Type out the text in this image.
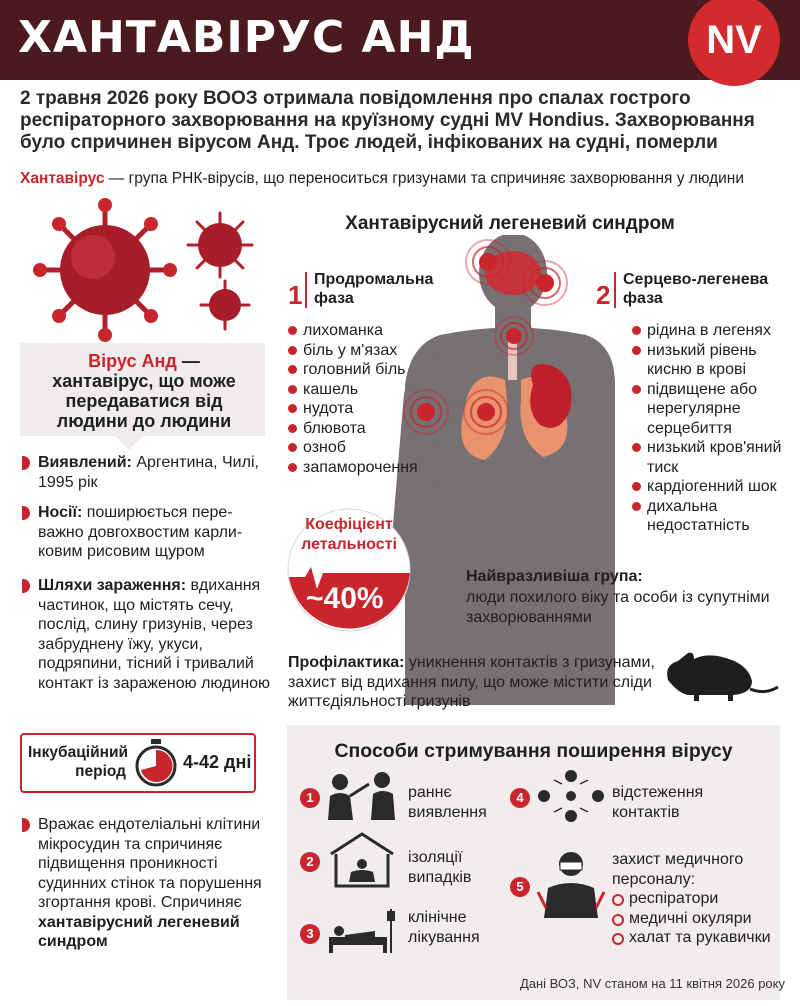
ХАНТАВІРУС АНД	NV
2 травня 2026 року ВООЗ отримала повідомлення про спалах гострого респіраторного захворювання на круїзному судні MV Hondius. Захворювання було спричинен вірусом Анд. Троє людей, інфікованих на судні, померли
Хантавірус — група РНК-вірусів, що переноситься гризунами та спричиняє захворювання у людини
Вірус Анд — хантавірус, що може передаватися від людини до людини
Виявлений: Аргентина, Чилі, 1995 рік
Носії: поширюється пере-важно довгохвостим карли-ковим рисовим щуром
Шляхи зараження: вдихання частинок, що містять сечу, послід, слину гризунів, через забруднену їжу, укуси, подряпини, тісний і тривалий контакт із зараженою людиною
Інкубаційний період	4-42 дні
Вражає ендотеліальні клітини мікросудин та спричиняє підвищення проникності судинних стінок та порушення згортання крові. Спричиняє хантавірусний легеневий синдром
Хантавірусний легеневий синдром
1
Продромальна фаза
лихоманка
біль у м'язах
головний біль
кашель
нудота
блювота
озноб
запаморочення
2
Серцево-легенева фаза
рідина в легенях
низький рівень кисню в крові
підвищене або нерегулярне серцебиття
низький кров'яний тиск
кардіогенний шок
дихальна недостатність
Коефіцієнт летальності
~40%
Найвразливіша група:
люди похилого віку та особи із супутніми захворюваннями
Профілактика: уникнення контактів з гризунами, захист від вдихання пилу, що може містити сліди життєдіяльності гризунів
Способи стримування поширення вірусу
1	раннє виявлення
2	ізоляції випадків
3
клінічне лікування
4	відстеження контактів
5
захист медичного персоналу:
респіратори
медичні окуляри
халат та рукавички
Дані ВОЗ, NV станом на 11 квітня 2026 року
